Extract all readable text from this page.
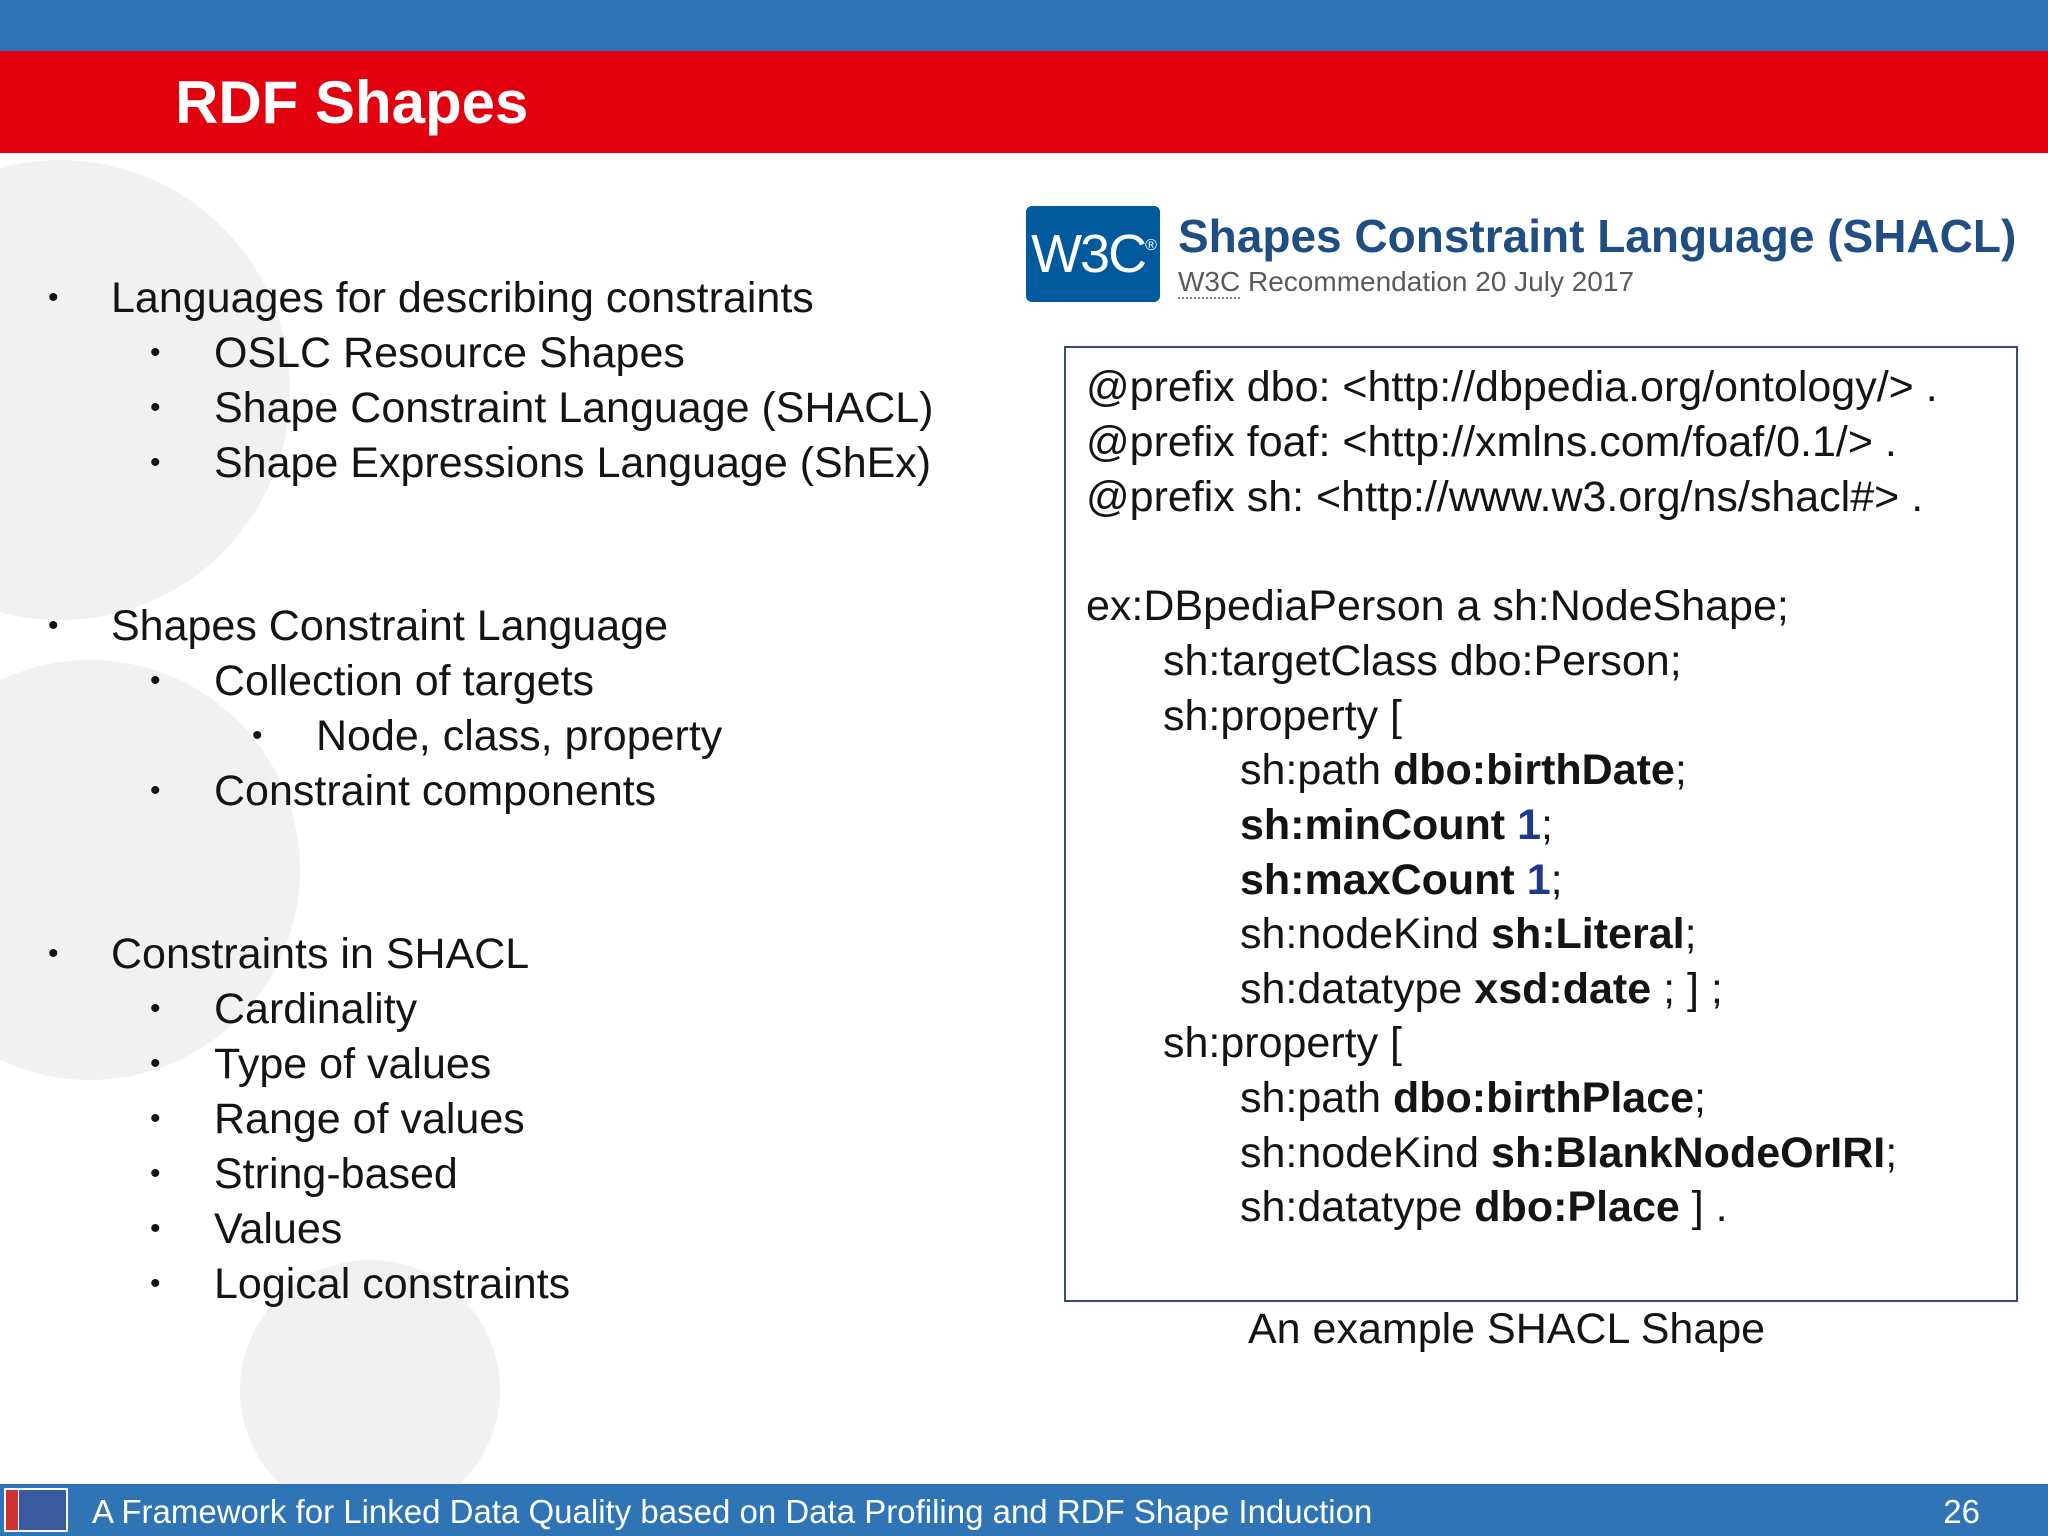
RDF Shapes
• Languages for describing constraints
• OSLC Resource Shapes
• Shape Constraint Language (SHACL)
• Shape Expressions Language (ShEx)
• Shapes Constraint Language
• Collection of targets
• Node, class, property
• Constraint components
• Constraints in SHACL
• Cardinality
• Type of values
• Range of values
• String-based
• Values
• Logical constraints
W3C® Shapes Constraint Language (SHACL)
W3C Recommendation 20 July 2017
@prefix dbo: <http://dbpedia.org/ontology/> .
@prefix foaf: <http://xmlns.com/foaf/0.1/> .
@prefix sh: <http://www.w3.org/ns/shacl#> .
ex:DBpediaPerson a sh:NodeShape;
sh:targetClass dbo:Person;
sh:property [
sh:path dbo:birthDate;
sh:minCount 1;
sh:maxCount 1;
sh:nodeKind sh:Literal;
sh:datatype xsd:date ; ] ;
sh:property [
sh:path dbo:birthPlace;
sh:nodeKind sh:BlankNodeOrIRI;
sh:datatype dbo:Place ] .
An example SHACL Shape
A Framework for Linked Data Quality based on Data Profiling and RDF Shape Induction	26
